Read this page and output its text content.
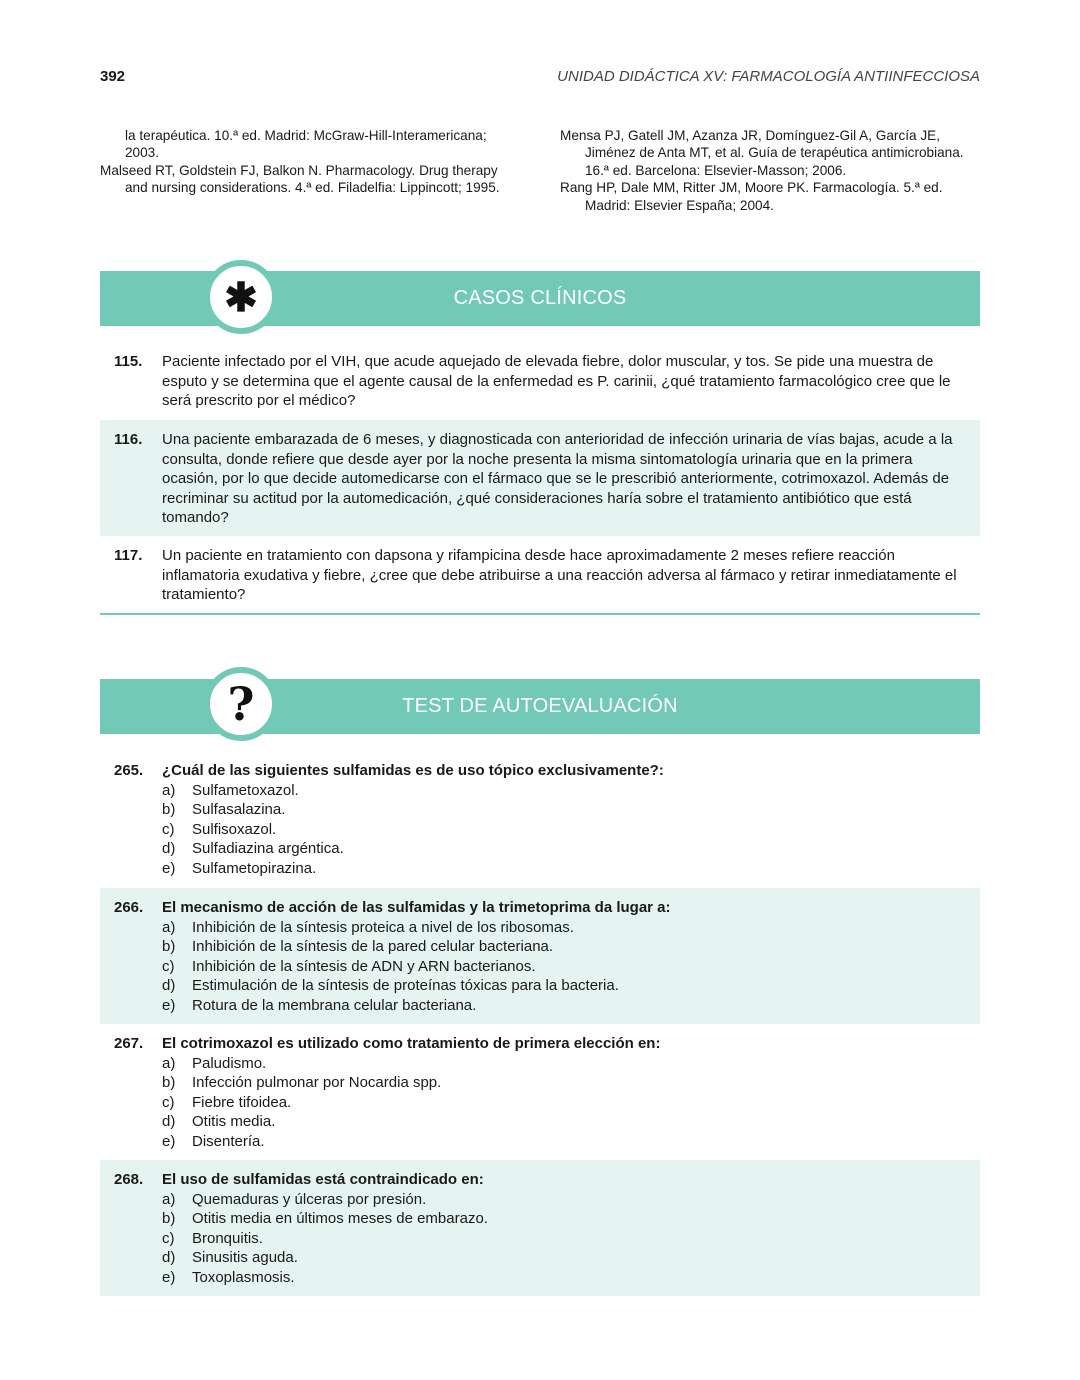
392	UNIDAD DIDÁCTICA XV: FARMACOLOGÍA ANTIINFECCIOSA

la terapéutica. 10.ª ed. Madrid: McGraw-Hill-Interamericana; 2003.

Malseed RT, Goldstein FJ, Balkon N. Pharmacology. Drug therapy and nursing considerations. 4.ª ed. Filadelfia: Lippincott; 1995.

Mensa PJ, Gatell JM, Azanza JR, Domínguez-Gil A, García JE, Jiménez de Anta MT, et al. Guía de terapéutica antimicrobiana. 16.ª ed. Barcelona: Elsevier-Masson; 2006.

Rang HP, Dale MM, Ritter JM, Moore PK. Farmacología. 5.ª ed. Madrid: Elsevier España; 2004.

CASOS CLÍNICOS
✱
115. Paciente infectado por el VIH, que acude aquejado de elevada fiebre, dolor muscular, y tos. Se pide una muestra de esputo y se determina que el agente causal de la enfermedad es P. carinii, ¿qué tratamiento farmacológico cree que le será prescrito por el médico?
116. Una paciente embarazada de 6 meses, y diagnosticada con anterioridad de infección urinaria de vías bajas, acude a la consulta, donde refiere que desde ayer por la noche presenta la misma sintomatología urinaria que en la primera ocasión, por lo que decide automedicarse con el fármaco que se le prescribió anteriormente, cotrimoxazol. Además de recriminar su actitud por la automedicación, ¿qué consideraciones haría sobre el tratamiento antibiótico que está tomando?
117. Un paciente en tratamiento con dapsona y rifampicina desde hace aproximadamente 2 meses refiere reacción inflamatoria exudativa y fiebre, ¿cree que debe atribuirse a una reacción adversa al fármaco y retirar inmediatamente el tratamiento?
TEST DE AUTOEVALUACIÓN
?
265. ¿Cuál de las siguientes sulfamidas es de uso tópico exclusivamente?:
a)	Sulfametoxazol.
b)	Sulfasalazina.
c)	Sulfisoxazol.
d)	Sulfadiazina argéntica.
e)	Sulfametopirazina.
266. El mecanismo de acción de las sulfamidas y la trimetoprima da lugar a:
a)	Inhibición de la síntesis proteica a nivel de los ribosomas.
b)	Inhibición de la síntesis de la pared celular bacteriana.
c)	Inhibición de la síntesis de ADN y ARN bacterianos.
d)	Estimulación de la síntesis de proteínas tóxicas para la bacteria.
e)	Rotura de la membrana celular bacteriana.
267. El cotrimoxazol es utilizado como tratamiento de primera elección en:
a)	Paludismo.
b)	Infección pulmonar por Nocardia spp.
c)	Fiebre tifoidea.
d)	Otitis media.
e)	Disentería.
268. El uso de sulfamidas está contraindicado en:
a)	Quemaduras y úlceras por presión.
b)	Otitis media en últimos meses de embarazo.
c)	Bronquitis.
d)	Sinusitis aguda.
e)	Toxoplasmosis.
